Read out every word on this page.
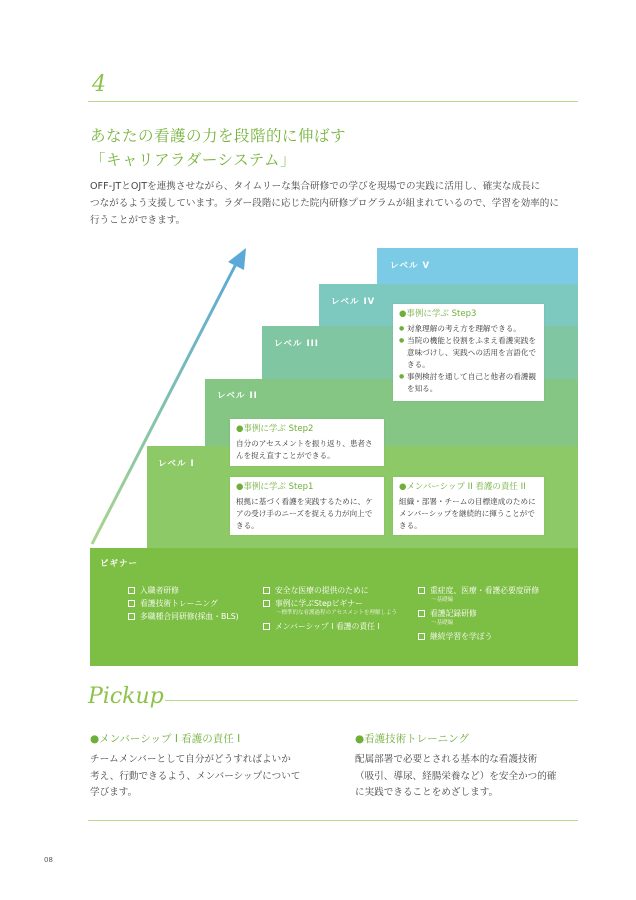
4
あなたの看護の力を段階的に伸ばす
「キャリアラダーシステム」

OFF-JTとOJTを連携させながら、タイムリーな集合研修での学びを現場での実践に活用し、確実な成長に

つながるよう支援しています。ラダー段階に応じた院内研修プログラムが組まれているので、学習を効率的に

行うことができます。

レベル V
レベル IV
レベル III
レベル II
レベル I
●事例に学ぶ Step3
● 対象理解の考え方を理解できる。
● 当院の機能と役割をふまえ看護実践を意味づけし、実践への活用を言語化できる。
● 事例検討を通して自己と他者の看護観を知る。
●事例に学ぶ Step2
自分のアセスメントを振り返り、患者さんを捉え直すことができる。
●事例に学ぶ Step1
根拠に基づく看護を実践するために、ケアの受け手のニーズを捉える力が向上できる。
●メンバーシップ II 看護の責任 II
組織・部署・チームの目標達成のためにメンバーシップを継続的に揮うことができる。
ビギナー
入職者研修
看護技術トレーニング
多職種合同研修(採血・BLS)
安全な医療の提供のために
事例に学ぶStepビギナー
～標準的な看護過程のアセスメントを理解しよう
メンバーシップ I 看護の責任 I
重症度、医療・看護必要度研修
～基礎編
看護記録研修
～基礎編
継続学習を学ぼう
Pickup
●メンバーシップ I 看護の責任 I

チームメンバーとして自分がどうすればよいか

考え、行動できるよう、メンバーシップについて

学びます。

●看護技術トレーニング

配属部署で必要とされる基本的な看護技術

（吸引、導尿、経腸栄養など）を安全かつ的確

に実践できることをめざします。

08
